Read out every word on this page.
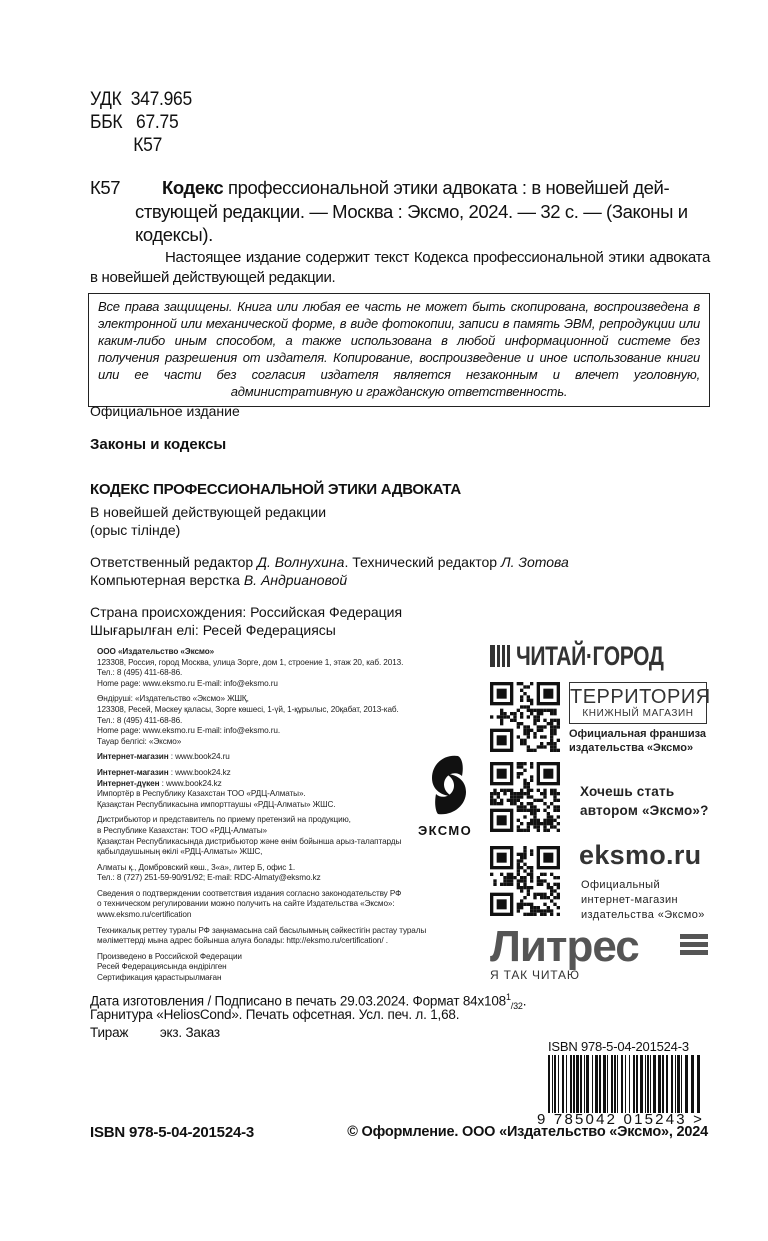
УДК 347.965
ББК 67.75
К57
К57 Кодекс профессиональной этики адвоката : в новейшей дей-
ствующей редакции. — Москва : Эксмо, 2024. — 32 с. — (Законы и
кодексы).
Настоящее издание содержит текст Кодекса профессиональной этики адвоката в новейшей действующей редакции.
Все права защищены. Книга или любая ее часть не может быть скопирована, воспроизведена в электронной или механической форме, в виде фотокопии, записи в память ЭВМ, репродукции или каким-либо иным способом, а также использована в любой информационной системе без получения разрешения от издателя. Копирование, воспроизведение и иное использование книги или ее части без согласия издателя является незаконным и влечет уголовную, административную и гражданскую ответственность.
Официальное издание
Законы и кодексы
КОДЕКС ПРОФЕССИОНАЛЬНОЙ ЭТИКИ АДВОКАТА
В новейшей действующей редакции
(орыс тілінде)
Ответственный редактор Д. Волнухина. Технический редактор Л. Зотова
Компьютерная верстка В. Андриановой
Страна происхождения: Российская Федерация
Шығарылған елі: Ресей Федерациясы

ООО «Издательство «Эксмо»

123308, Россия, город Москва, улица Зорге, дом 1, строение 1, этаж 20, каб. 2013.

Тел.: 8 (495) 411-68-86.

Home page: www.eksmo.ru E-mail: info@eksmo.ru

Өндіруші: «Издательство «Эксмо» ЖШҚ,

123308, Ресей, Мәскеу қаласы, Зорге көшесі, 1-үй, 1-құрылыс, 20қабат, 2013-каб.

Тел.: 8 (495) 411-68-86.

Home page: www.eksmo.ru E-mail: info@eksmo.ru.

Тауар белгісі: «Эксмо»

Интернет-магазин : www.book24.ru

Интернет-магазин : www.book24.kz

Интернет-дүкен : www.book24.kz

Импортёр в Республику Казахстан ТОО «РДЦ-Алматы».

Қазақстан Республикасына импорттаушы «РДЦ-Алматы» ЖШС.

Дистрибьютор и представитель по приему претензий на продукцию,

в Республике Казахстан: ТОО «РДЦ-Алматы»

Қазақстан Республикасында дистрибьютор және өнім бойынша арыз-талаптарды

қабылдаушының өкілі «РДЦ-Алматы» ЖШС,

Алматы қ., Домбровский көш., 3«а», литер Б, офис 1.

Тел.: 8 (727) 251-59-90/91/92; E-mail: RDC-Almaty@eksmo.kz

Сведения о подтверждении соответствия издания согласно законодательству РФ

о техническом регулировании можно получить на сайте Издательства «Эксмо»:

www.eksmo.ru/certification

Техникалық реттеу туралы РФ заңнамасына сай басылымның сәйкестігін растау туралы

мәліметтерді мына адрес бойынша алуға болады: http://eksmo.ru/certification/ .

Произведено в Российской Федерации

Ресей Федерациясында өндірілген

Сертификация қарастырылмаған

ЭКСМО
ЧИТАЙ·ГОРОД
ТЕРРИТОРИЯ
КНИЖНЫЙ МАГАЗИН
Официальная франшиза
издательства «Эксмо»
Хочешь стать
автором «Эксмо»?
eksmo.ru
Официальный
интернет-магазин
издательства «Эксмо»
Литрес
Я ТАК ЧИТАЮ
Дата изготовления / Подписано в печать 29.03.2024. Формат $84x108^1_{/32}$.
Гарнитура «HeliosCond». Печать офсетная. Усл. печ. л. 1,68.
Тираж экз. Заказ
ISBN 978-5-04-201524-3
9 785042 015243 >
ISBN 978-5-04-201524-3	© Оформление. ООО «Издательство «Эксмо», 2024
